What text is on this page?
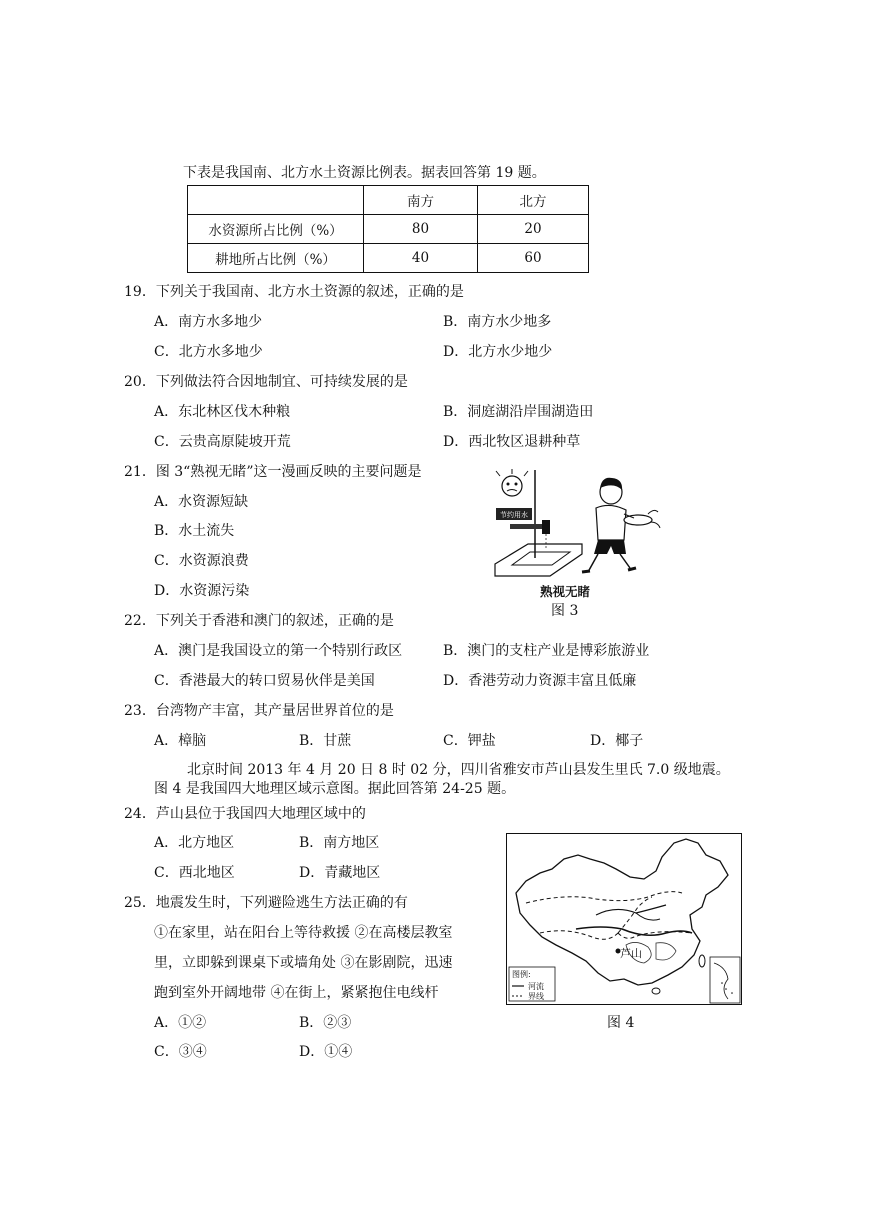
下表是我国南、北方水土资源比例表。据表回答第 19 题。
	南方	北方
水资源所占比例（%）	80	20
耕地所占比例（%）	40	60
19．下列关于我国南、北方水土资源的叙述，正确的是
A．南方水多地少	B．南方水少地多
C．北方水多地少	D．北方水少地少
20．下列做法符合因地制宜、可持续发展的是
A．东北林区伐木种粮	B．洞庭湖沿岸围湖造田
C．云贵高原陡坡开荒	D．西北牧区退耕种草
21．图 3“熟视无睹”这一漫画反映的主要问题是
A．水资源短缺
B．水土流失
C．水资源浪费
D．水资源污染
节约用水
熟视无睹
图 3
22．下列关于香港和澳门的叙述，正确的是
A．澳门是我国设立的第一个特别行政区	B．澳门的支柱产业是博彩旅游业
C．香港最大的转口贸易伙伴是美国	D．香港劳动力资源丰富且低廉
23．台湾物产丰富，其产量居世界首位的是
A．樟脑	B．甘蔗	C．钾盐	D．椰子
北京时间 2013 年 4 月 20 日 8 时 02 分，四川省雅安市芦山县发生里氏 7.0 级地震。
图 4 是我国四大地理区域示意图。据此回答第 24-25 题。
24．芦山县位于我国四大地理区域中的
A．北方地区	B．南方地区
C．西北地区	D．青藏地区
25．地震发生时，下列避险逃生方法正确的有
①在家里，站在阳台上等待救援 ②在高楼层教室
里，立即躲到课桌下或墙角处 ③在影剧院，迅速
跑到室外开阔地带 ④在街上，紧紧抱住电线杆
A．①②	B．②③
C．③④	D．①④
芦山
图例:
河流
界线
图 4
